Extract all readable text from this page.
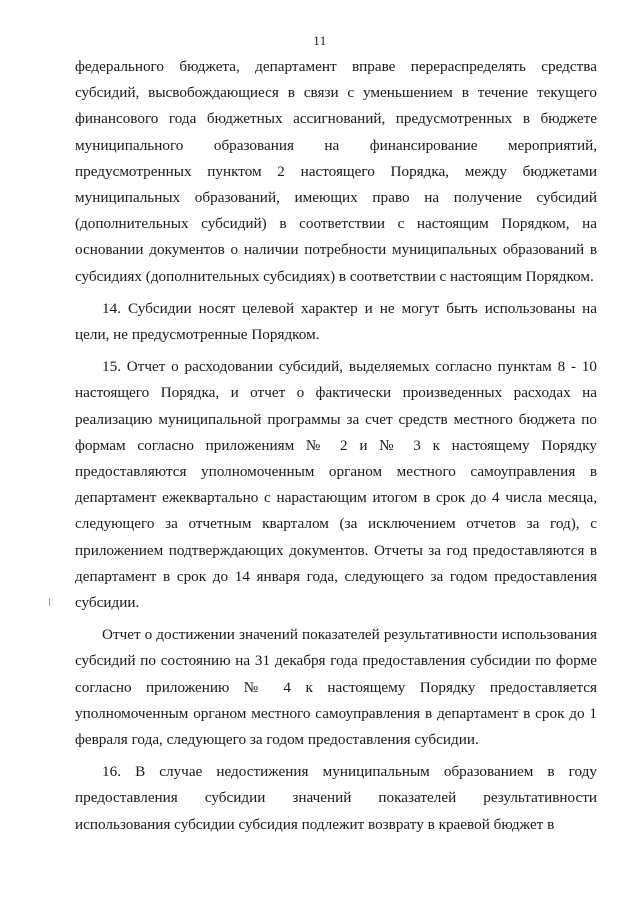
11

федерального бюджета, департамент вправе перераспределять средства субсидий, высвобождающиеся в связи с уменьшением в течение текущего финансового года бюджетных ассигнований, предусмотренных в бюджете муниципального образования на финансирование мероприятий, предусмотренных пунктом 2 настоящего Порядка, между бюджетами муниципальных образований, имеющих право на получение субсидий (дополнительных субсидий) в соответствии с настоящим Порядком, на основании документов о наличии потребности муниципальных образований в субсидиях (дополнительных субсидиях) в соответствии с настоящим Порядком.

14. Субсидии носят целевой характер и не могут быть использованы на цели, не предусмотренные Порядком.

15. Отчет о расходовании субсидий, выделяемых согласно пунктам 8 - 10 настоящего Порядка, и отчет о фактически произведенных расходах на реализацию муниципальной программы за счет средств местного бюджета по формам согласно приложениям № 2 и № 3 к настоящему Порядку предоставляются уполномоченным органом местного самоуправления в департамент ежеквартально с нарастающим итогом в срок до 4 числа месяца, следующего за отчетным кварталом (за исключением отчетов за год), с приложением подтверждающих документов. Отчеты за год предоставляются в департамент в срок до 14 января года, следующего за годом предоставления субсидии.

Отчет о достижении значений показателей результативности использования субсидий по состоянию на 31 декабря года предоставления субсидии по форме согласно приложению № 4 к настоящему Порядку предоставляется уполномоченным органом местного самоуправления в департамент в срок до 1 февраля года, следующего за годом предоставления субсидии.

16. В случае недостижения муниципальным образованием в году предоставления субсидии значений показателей результативности использования субсидии субсидия подлежит возврату в краевой бюджет в
